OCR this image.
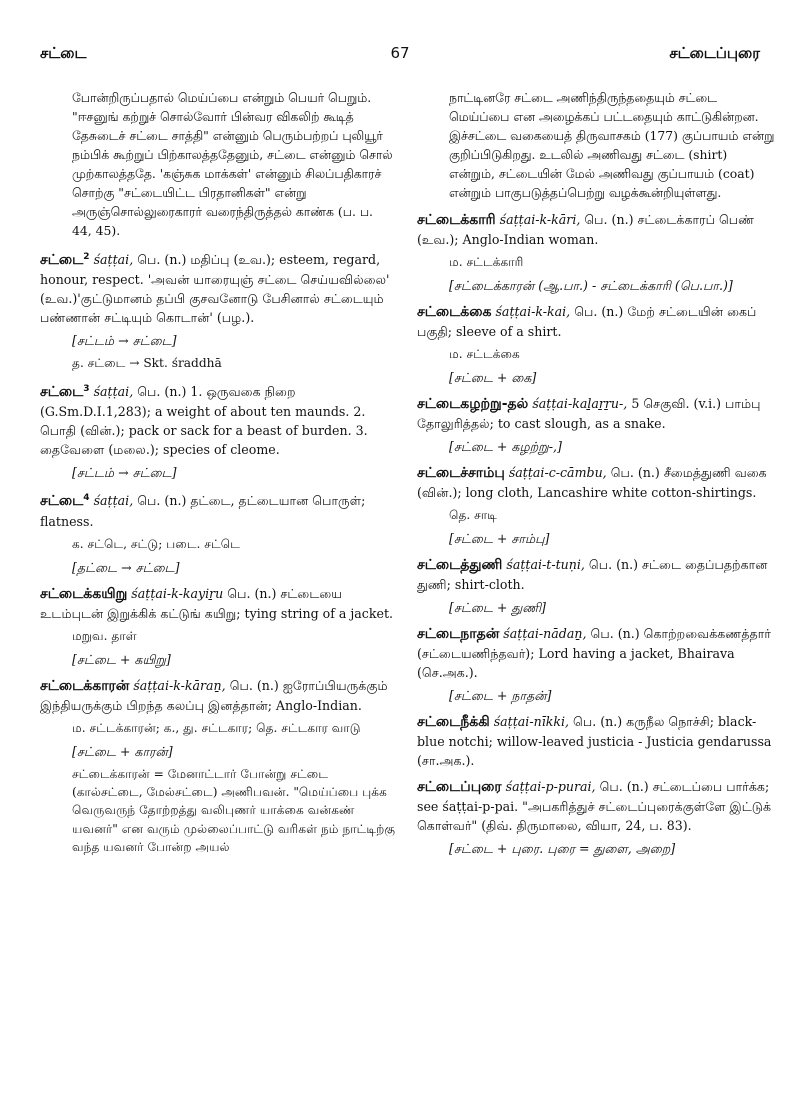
சட்டை	67	சட்டைப்புரை

போன்றிருப்பதால் மெய்ப்பை என்றும் பெயர் பெறும். "ஈசனுங் கற்றுச் சொல்வோர் பின்வர விகலிற் கூடித் தேசுடைச் சட்டை சாத்தி" என்னும் பெரும்பற்றப் புலியூர் நம்பிக் கூற்றுப் பிற்காலத்ததேனும், சட்டை என்னும் சொல் முற்காலத்ததே. 'கஞ்சுக மாக்கள்' என்னும் சிலப்பதிகாரச் சொற்கு "சட்டையிட்ட பிரதானிகள்" என்று அருஞ்சொல்லுரைகாரர் வரைந்திருத்தல் காண்க (ப. ப. 44, 45).

சட்டை$^2$ śaṭṭai, பெ. (n.) மதிப்பு (உவ.); esteem, regard, honour, respect. 'அவன் யாரையுஞ் சட்டை செய்யவில்லை' (உவ.)'குட்டுமானம் தப்பி குசவனோடு பேசினால் சட்டையும் பண்ணான் சட்டியும் கொடான்' (பழ.).

[சட்டம் → சட்டை]

த. சட்டை → Skt. śraddhā

சட்டை$^3$ śaṭṭai, பெ. (n.) 1. ஒருவகை நிறை (G.Sm.D.I.1,283); a weight of about ten maunds. 2. பொதி (வின்.); pack or sack for a beast of burden. 3. தைவேளை (மலை.); species of cleome.

[சட்டம் → சட்டை]

சட்டை$^4$ śaṭṭai, பெ. (n.) தட்டை, தட்டையான பொருள்; flatness.

க. சட்டெ, சட்டு; படை. சட்டெ

[தட்டை → சட்டை]

சட்டைக்கயிறு śaṭṭai-k-kayiṟu பெ. (n.) சட்டையை உடம்புடன் இறுக்கிக் கட்டுங் கயிறு; tying string of a jacket.

மறுவ. தாள்

[சட்டை + கயிறு]

சட்டைக்காரன் śaṭṭai-k-kāraṉ, பெ. (n.) ஐரோப்பியருக்கும் இந்தியருக்கும் பிறந்த கலப்பு இனத்தான்; Anglo-Indian.

ம. சட்டக்காரன்; க., து. சட்டகார; தெ. சட்டகார வாடு

[சட்டை + காரன்]

சட்டைக்காரன் = மேனாட்டார் போன்று சட்டை (கால்சட்டை, மேல்சட்டை) அணிபவன். "மெய்ப்பை புக்க வெருவருந் தோற்றத்து வலிபுணர் யாக்கை வன்கண் யவனர்" என வரும் முல்லைப்பாட்டு வரிகள் நம் நாட்டிற்கு வந்த யவனர் போன்ற அயல்

நாட்டினரே சட்டை அணிந்திருந்ததையும் சட்டை மெய்ப்பை என அழைக்கப் பட்டதையும் காட்டுகின்றன. இச்சட்டை வகையைத் திருவாசகம் (177) குப்பாயம் என்று குறிப்பிடுகிறது. உடலில் அணிவது சட்டை (shirt) என்றும், சட்டையின் மேல் அணிவது குப்பாயம் (coat) என்றும் பாகுபடுத்தப்பெற்று வழக்கூன்றியுள்ளது.

சட்டைக்காரி śaṭṭai-k-kāri, பெ. (n.) சட்டைக்காரப் பெண் (உவ.); Anglo-Indian woman.

ம. சட்டக்காரி

[சட்டைக்காரன் (ஆ.பா.) - சட்டைக்காரி (பெ.பா.)]

சட்டைக்கை śaṭṭai-k-kai, பெ. (n.) மேற் சட்டையின் கைப் பகுதி; sleeve of a shirt.

ம. சட்டக்கை

[சட்டை + கை]

சட்டைகழற்று-தல் śaṭṭai-kaḻaṟṟu-, 5 செகுவி. (v.i.) பாம்பு தோலுரித்தல்; to cast slough, as a snake.

[சட்டை + கழற்று-,]

சட்டைச்சாம்பு śaṭṭai-c-cāmbu, பெ. (n.) சீமைத்துணி வகை (வின்.); long cloth, Lancashire white cotton-shirtings.

தெ. சாடி

[சட்டை + சாம்பு]

சட்டைத்துணி śaṭṭai-t-tuṇi, பெ. (n.) சட்டை தைப்பதற்கான துணி; shirt-cloth.

[சட்டை + துணி]

சட்டைநாதன் śaṭṭai-nādaṉ, பெ. (n.) கொற்றவைக்கணத்தார் (சட்டையணிந்தவர்); Lord having a jacket, Bhairava (செ.அக.).

[சட்டை + நாதன்]

சட்டைநீக்கி śaṭṭai-nīkki, பெ. (n.) கருநீல நொச்சி; black-blue notchi; willow-leaved justicia - Justicia gendarussa (சா.அக.).

சட்டைப்புரை śaṭṭai-p-purai, பெ. (n.) சட்டைப்பை பார்க்க; see śaṭṭai-p-pai. "அபகரித்துச் சட்டைப்புரைக்குள்ளே இட்டுக் கொள்வர்" (திவ். திருமாலை, வியா, 24, ப. 83).

[சட்டை + புரை. புரை = துளை, அறை]
